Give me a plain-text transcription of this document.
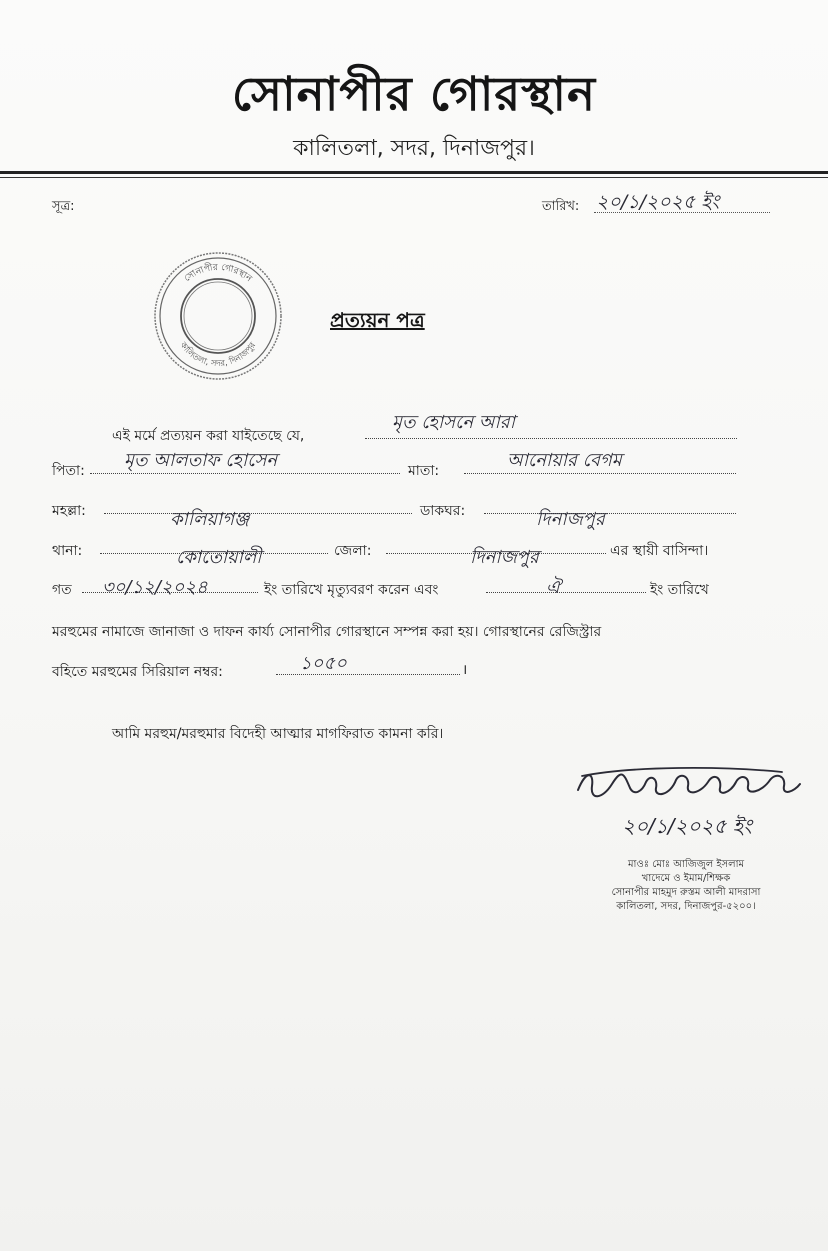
সোনাপীর গোরস্থান
কালিতলা, সদর, দিনাজপুর।
সূত্র:	তারিখ: ২০/১/২০২৫ ইং
সোনাপীর গোরস্থান
কালিতলা, সদর, দিনাজপুর
প্রত্যয়ন পত্র
এই মর্মে প্রত্যয়ন করা যাইতেছে যে,
মৃত হোসনে আরা
পিতা: মৃত আলতাফ হোসেন	মাতা:	আনোয়ার বেগম
মহল্লা:	কালিয়াগঞ্জ	ডাকঘর:	দিনাজপুর
থানা:	কোতোয়ালী	জেলা:	দিনাজপুর	এর স্থায়ী বাসিন্দা।
গত ৩০/১২/২০২৪	ইং তারিখে মৃত্যুবরণ করেন এবং	ঐ	ইং তারিখে
মরহুমের নামাজে জানাজা ও দাফন কার্য্য সোনাপীর গোরস্থানে সম্পন্ন করা হয়। গোরস্থানের রেজিস্ট্রার
বহিতে মরহুমের সিরিয়াল নম্বর:	১০৫০	।
আমি মরহুম/মরহুমার বিদেহী আত্মার মাগফিরাত কামনা করি।
২০/১/২০২৫ ইং
মাওঃ মোঃ আজিজুল ইসলাম
খাদেমে ও ইমাম/শিক্ষক
সোনাপীর মাহমুদ রুস্তম আলী মাদরাসা
কালিতলা, সদর, দিনাজপুর-৫২০০।
